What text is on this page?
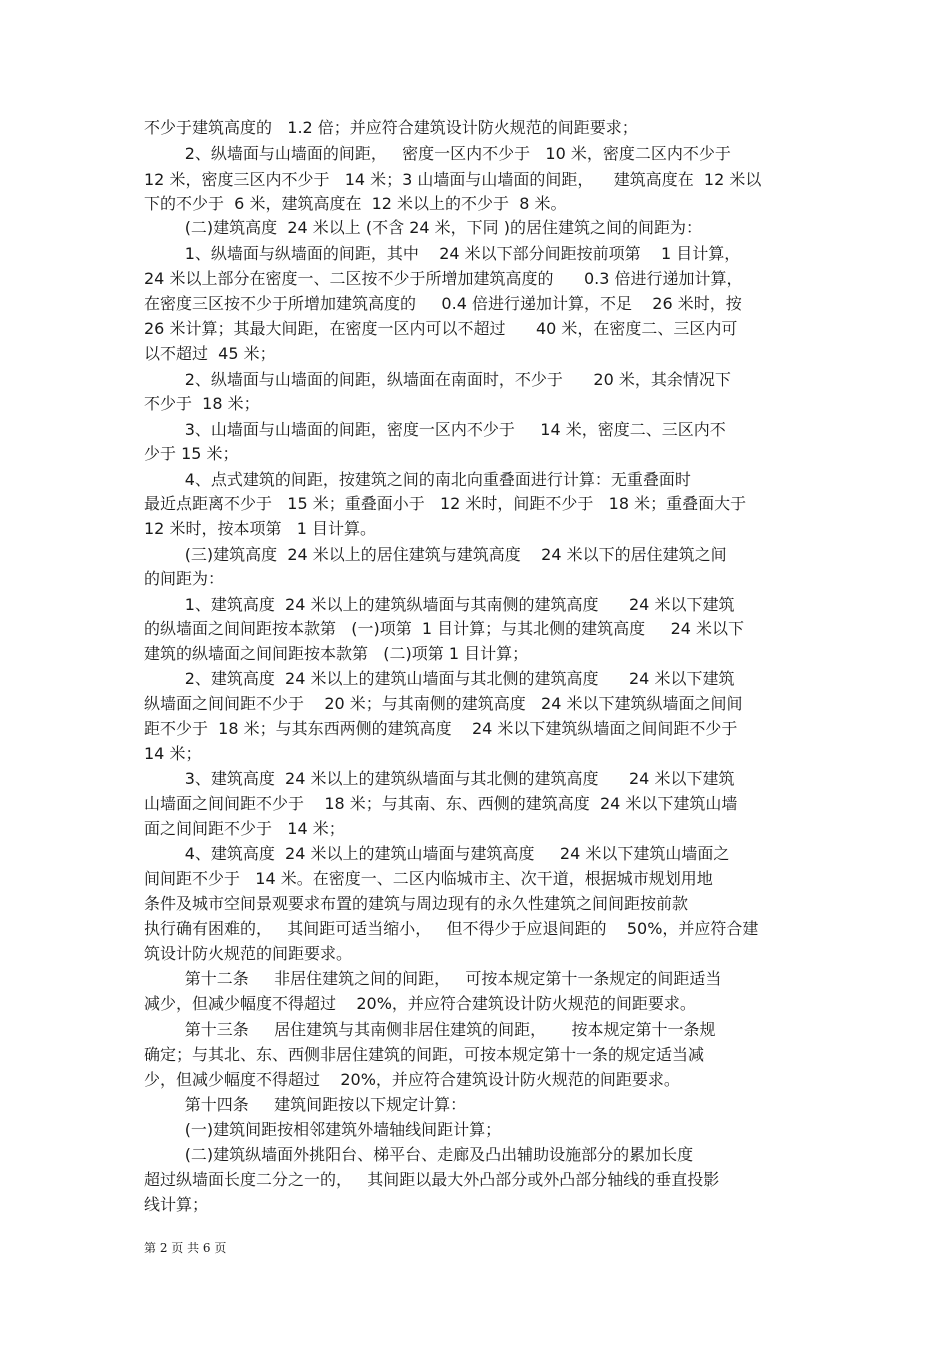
不少于建筑高度的   1.2 倍；并应符合建筑设计防火规范的间距要求；
2、纵墙面与山墙面的间距，   密度一区内不少于   10 米，密度二区内不少于
12 米，密度三区内不少于   14 米；3 山墙面与山墙面的间距，    建筑高度在  12 米以
下的不少于  6 米，建筑高度在  12 米以上的不少于  8 米。
(二)建筑高度  24 米以上 (不含 24 米，下同 )的居住建筑之间的间距为：
1、纵墙面与纵墙面的间距，其中    24 米以下部分间距按前项第    1 目计算，
24 米以上部分在密度一、二区按不少于所增加建筑高度的      0.3 倍进行递加计算，
在密度三区按不少于所增加建筑高度的     0.4 倍进行递加计算，不足    26 米时，按
26 米计算；其最大间距，在密度一区内可以不超过      40 米，在密度二、三区内可
以不超过  45 米；
2、纵墙面与山墙面的间距，纵墙面在南面时，不少于      20 米，其余情况下
不少于  18 米；
3、山墙面与山墙面的间距，密度一区内不少于     14 米，密度二、三区内不
少于 15 米；
4、点式建筑的间距，按建筑之间的南北向重叠面进行计算：无重叠面时
最近点距离不少于   15 米；重叠面小于   12 米时，间距不少于   18 米；重叠面大于
12 米时，按本项第   1 目计算。
(三)建筑高度  24 米以上的居住建筑与建筑高度    24 米以下的居住建筑之间
的间距为：
1、建筑高度  24 米以上的建筑纵墙面与其南侧的建筑高度      24 米以下建筑
的纵墙面之间间距按本款第   (一)项第  1 目计算；与其北侧的建筑高度     24 米以下
建筑的纵墙面之间间距按本款第   (二)项第 1 目计算；
2、建筑高度  24 米以上的建筑山墙面与其北侧的建筑高度      24 米以下建筑
纵墙面之间间距不少于    20 米；与其南侧的建筑高度   24 米以下建筑纵墙面之间间
距不少于  18 米；与其东西两侧的建筑高度    24 米以下建筑纵墙面之间间距不少于
14 米；
3、建筑高度  24 米以上的建筑纵墙面与其北侧的建筑高度      24 米以下建筑
山墙面之间间距不少于    18 米；与其南、东、西侧的建筑高度  24 米以下建筑山墙
面之间间距不少于   14 米；
4、建筑高度  24 米以上的建筑山墙面与建筑高度     24 米以下建筑山墙面之
间间距不少于   14 米。在密度一、二区内临城市主、次干道，根据城市规划用地
条件及城市空间景观要求布置的建筑与周边现有的永久性建筑之间间距按前款
执行确有困难的，   其间距可适当缩小，   但不得少于应退间距的    50%，并应符合建
筑设计防火规范的间距要求。
第十二条     非居住建筑之间的间距，   可按本规定第十一条规定的间距适当
减少，但减少幅度不得超过    20%，并应符合建筑设计防火规范的间距要求。
第十三条     居住建筑与其南侧非居住建筑的间距，     按本规定第十一条规
确定；与其北、东、西侧非居住建筑的间距，可按本规定第十一条的规定适当减
少，但减少幅度不得超过    20%，并应符合建筑设计防火规范的间距要求。
第十四条     建筑间距按以下规定计算：
(一)建筑间距按相邻建筑外墙轴线间距计算；
(二)建筑纵墙面外挑阳台、梯平台、走廊及凸出辅助设施部分的累加长度
超过纵墙面长度二分之一的，   其间距以最大外凸部分或外凸部分轴线的垂直投影
线计算；
第 2 页 共 6 页
